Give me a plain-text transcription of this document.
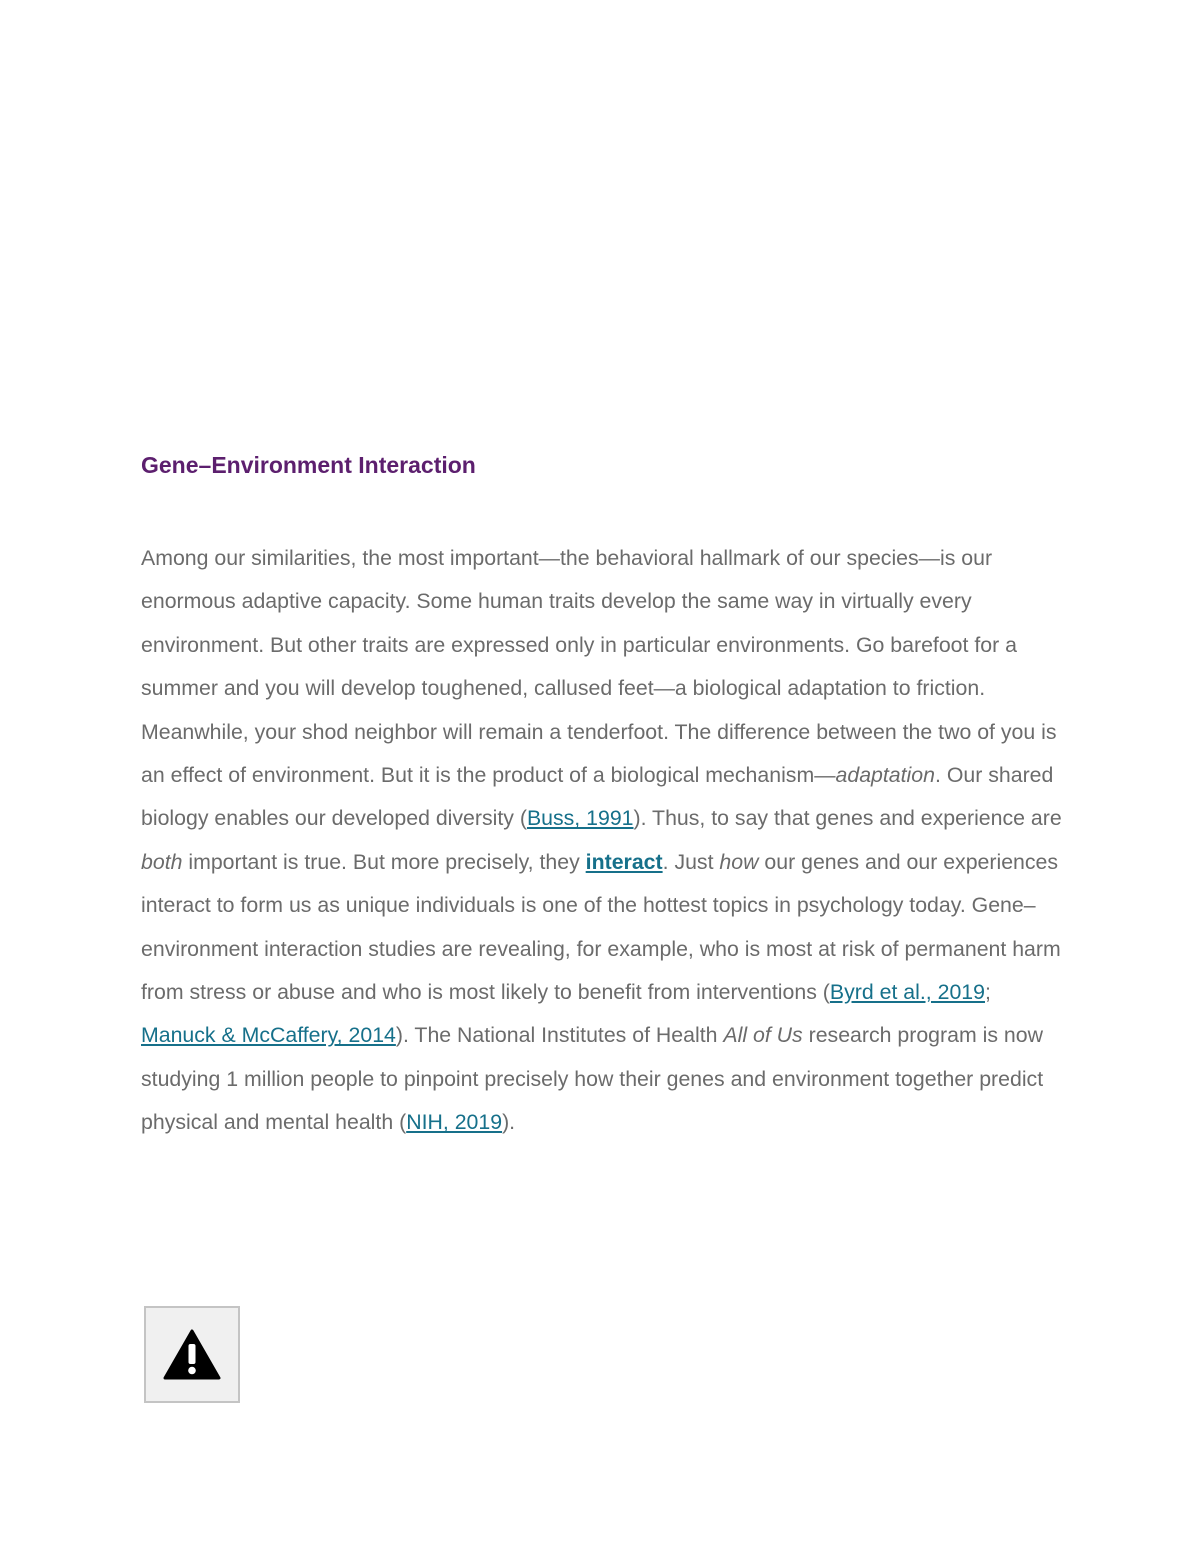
Gene–Environment Interaction

Among our similarities, the most important—the behavioral hallmark of our species—is our enormous adaptive capacity. Some human traits develop the same way in virtually every environment. But other traits are expressed only in particular environments. Go barefoot for a summer and you will develop toughened, callused feet—a biological adaptation to friction. Meanwhile, your shod neighbor will remain a tenderfoot. The difference between the two of you is an effect of environment. But it is the product of a biological mechanism—adaptation. Our shared biology enables our developed diversity (Buss, 1991). Thus, to say that genes and experience are both important is true. But more precisely, they interact. Just how our genes and our experiences interact to form us as unique individuals is one of the hottest topics in psychology today. Gene–environment interaction studies are revealing, for example, who is most at risk of permanent harm from stress or abuse and who is most likely to benefit from interventions (Byrd et al., 2019; Manuck & McCaffery, 2014). The National Institutes of Health All of Us research program is now studying 1 million people to pinpoint precisely how their genes and environment together predict physical and mental health (NIH, 2019).
